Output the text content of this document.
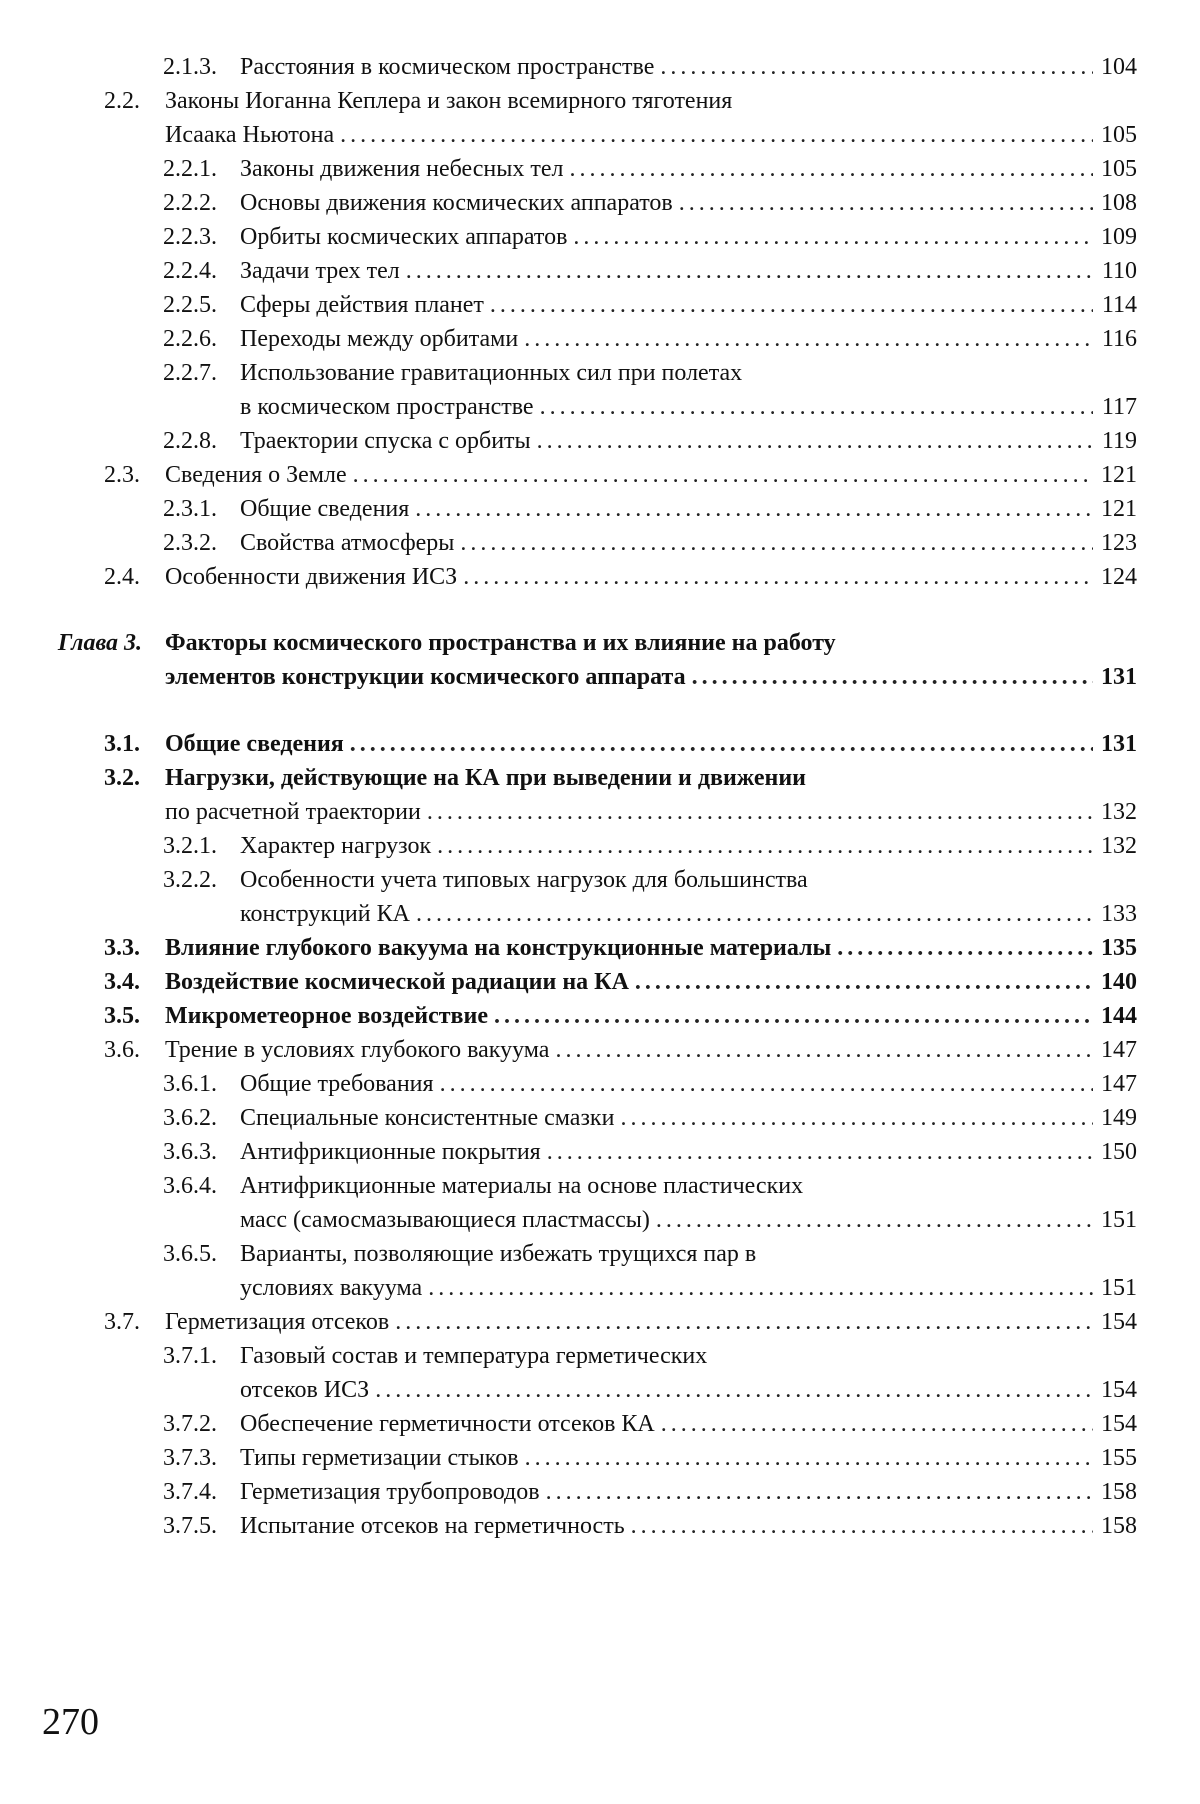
2.1.3. Расстояния в космическом пространстве .....	104
2.2. Законы Иоганна Кеплера и закон всемирного тяготения
Исаака Ньютона .....	105
2.2.1. Законы движения небесных тел .....	105
2.2.2. Основы движения космических аппаратов .....	108
2.2.3. Орбиты космических аппаратов .....	109
2.2.4. Задачи трех тел .....	110
2.2.5. Сферы действия планет .....	114
2.2.6. Переходы между орбитами .....	116
2.2.7. Использование гравитационных сил при полетах
в космическом пространстве .....	117
2.2.8. Траектории спуска с орбиты .....	119
2.3. Сведения о Земле .....	121
2.3.1. Общие сведения .....	121
2.3.2. Свойства атмосферы .....	123
2.4. Особенности движения ИСЗ .....	124
Глава 3. Факторы космического пространства и их влияние на работу
элементов конструкции космического аппарата .....	131
3.1. Общие сведения .....	131
3.2. Нагрузки, действующие на КА при выведении и движении
по расчетной траектории .....	132
3.2.1. Характер нагрузок .....	132
3.2.2. Особенности учета типовых нагрузок для большинства
конструкций КА .....	133
3.3. Влияние глубокого вакуума на конструкционные материалы .....	135
3.4. Воздействие космической радиации на КА .....	140
3.5. Микрометеорное воздействие .....	144
3.6. Трение в условиях глубокого вакуума .....	147
3.6.1. Общие требования .....	147
3.6.2. Специальные консистентные смазки .....	149
3.6.3. Антифрикционные покрытия .....	150
3.6.4. Антифрикционные материалы на основе пластических
масс (самосмазывающиеся пластмассы) .....	151
3.6.5. Варианты, позволяющие избежать трущихся пар в
условиях вакуума .....	151
3.7. Герметизация отсеков .....	154
3.7.1. Газовый состав и температура герметических
отсеков ИСЗ .....	154
3.7.2. Обеспечение герметичности отсеков КА .....	154
3.7.3. Типы герметизации стыков .....	155
3.7.4. Герметизация трубопроводов .....	158
3.7.5. Испытание отсеков на герметичность .....	158
270
